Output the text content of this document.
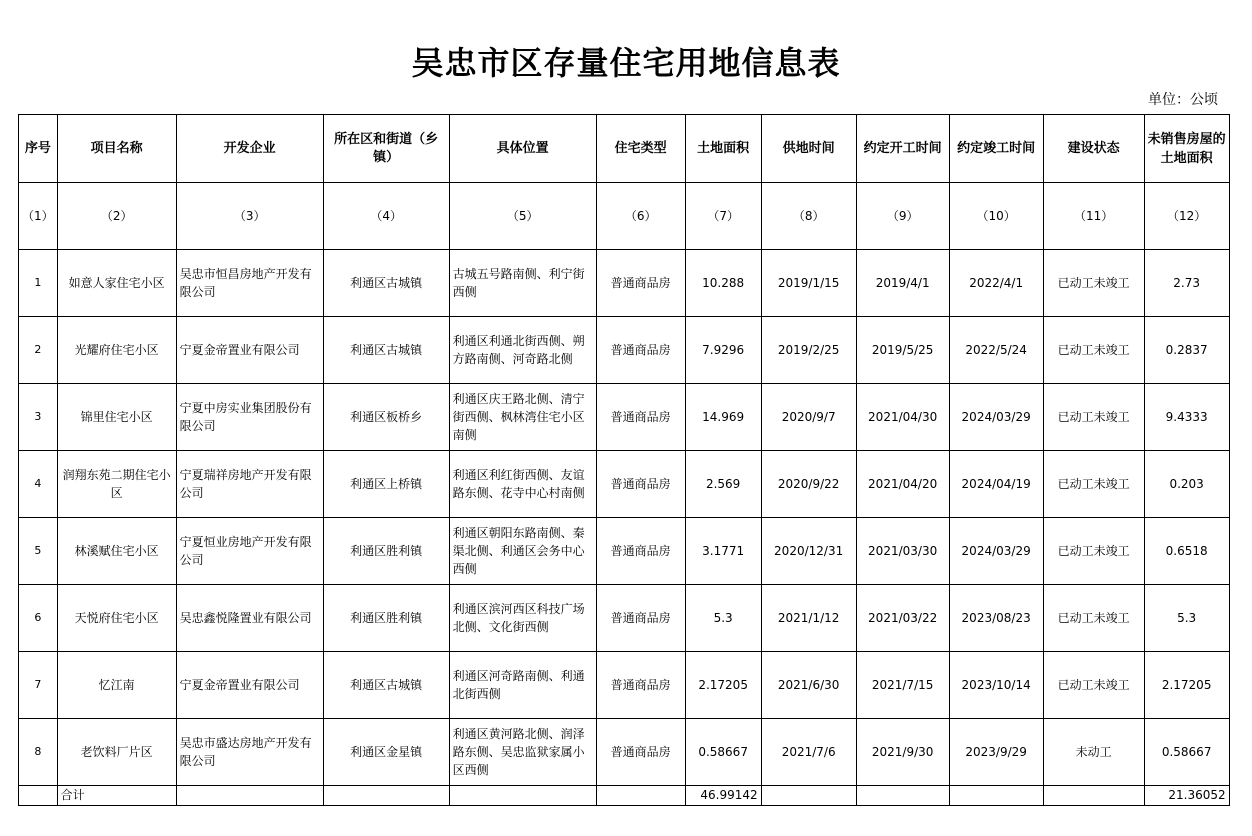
吴忠市区存量住宅用地信息表
单位：公顷
序号	项目名称	开发企业	所在区和街道（乡镇）	具体位置	住宅类型	土地面积	供地时间	约定开工时间	约定竣工时间	建设状态	未销售房屋的土地面积
（1）	（2）	（3）	（4）	（5）	（6）	（7）	（8）	（9）	（10）	（11）	（12）
1	如意人家住宅小区	吴忠市恒昌房地产开发有限公司	利通区古城镇	古城五号路南侧、利宁街西侧	普通商品房	10.288	2019/1/15	2019/4/1	2022/4/1	已动工未竣工	2.73
2	光耀府住宅小区	宁夏金帝置业有限公司	利通区古城镇	利通区利通北街西侧、朔方路南侧、河奇路北侧	普通商品房	7.9296	2019/2/25	2019/5/25	2022/5/24	已动工未竣工	0.2837
3	锦里住宅小区	宁夏中房实业集团股份有限公司	利通区板桥乡	利通区庆王路北侧、清宁街西侧、枫林湾住宅小区南侧	普通商品房	14.969	2020/9/7	2021/04/30	2024/03/29	已动工未竣工	9.4333
4	润翔东苑二期住宅小区	宁夏瑞祥房地产开发有限公司	利通区上桥镇	利通区利红街西侧、友谊路东侧、花寺中心村南侧	普通商品房	2.569	2020/9/22	2021/04/20	2024/04/19	已动工未竣工	0.203
5	林溪赋住宅小区	宁夏恒业房地产开发有限公司	利通区胜利镇	利通区朝阳东路南侧、秦渠北侧、利通区会务中心西侧	普通商品房	3.1771	2020/12/31	2021/03/30	2024/03/29	已动工未竣工	0.6518
6	天悦府住宅小区	吴忠鑫悦隆置业有限公司	利通区胜利镇	利通区滨河西区科技广场北侧、文化街西侧	普通商品房	5.3	2021/1/12	2021/03/22	2023/08/23	已动工未竣工	5.3
7	忆江南	宁夏金帝置业有限公司	利通区古城镇	利通区河奇路南侧、利通北街西侧	普通商品房	2.17205	2021/6/30	2021/7/15	2023/10/14	已动工未竣工	2.17205
8	老饮料厂片区	吴忠市盛达房地产开发有限公司	利通区金星镇	利通区黄河路北侧、润泽路东侧、吴忠监狱家属小区西侧	普通商品房	0.58667	2021/7/6	2021/9/30	2023/9/29	未动工	0.58667
	合计					46.99142					21.36052
